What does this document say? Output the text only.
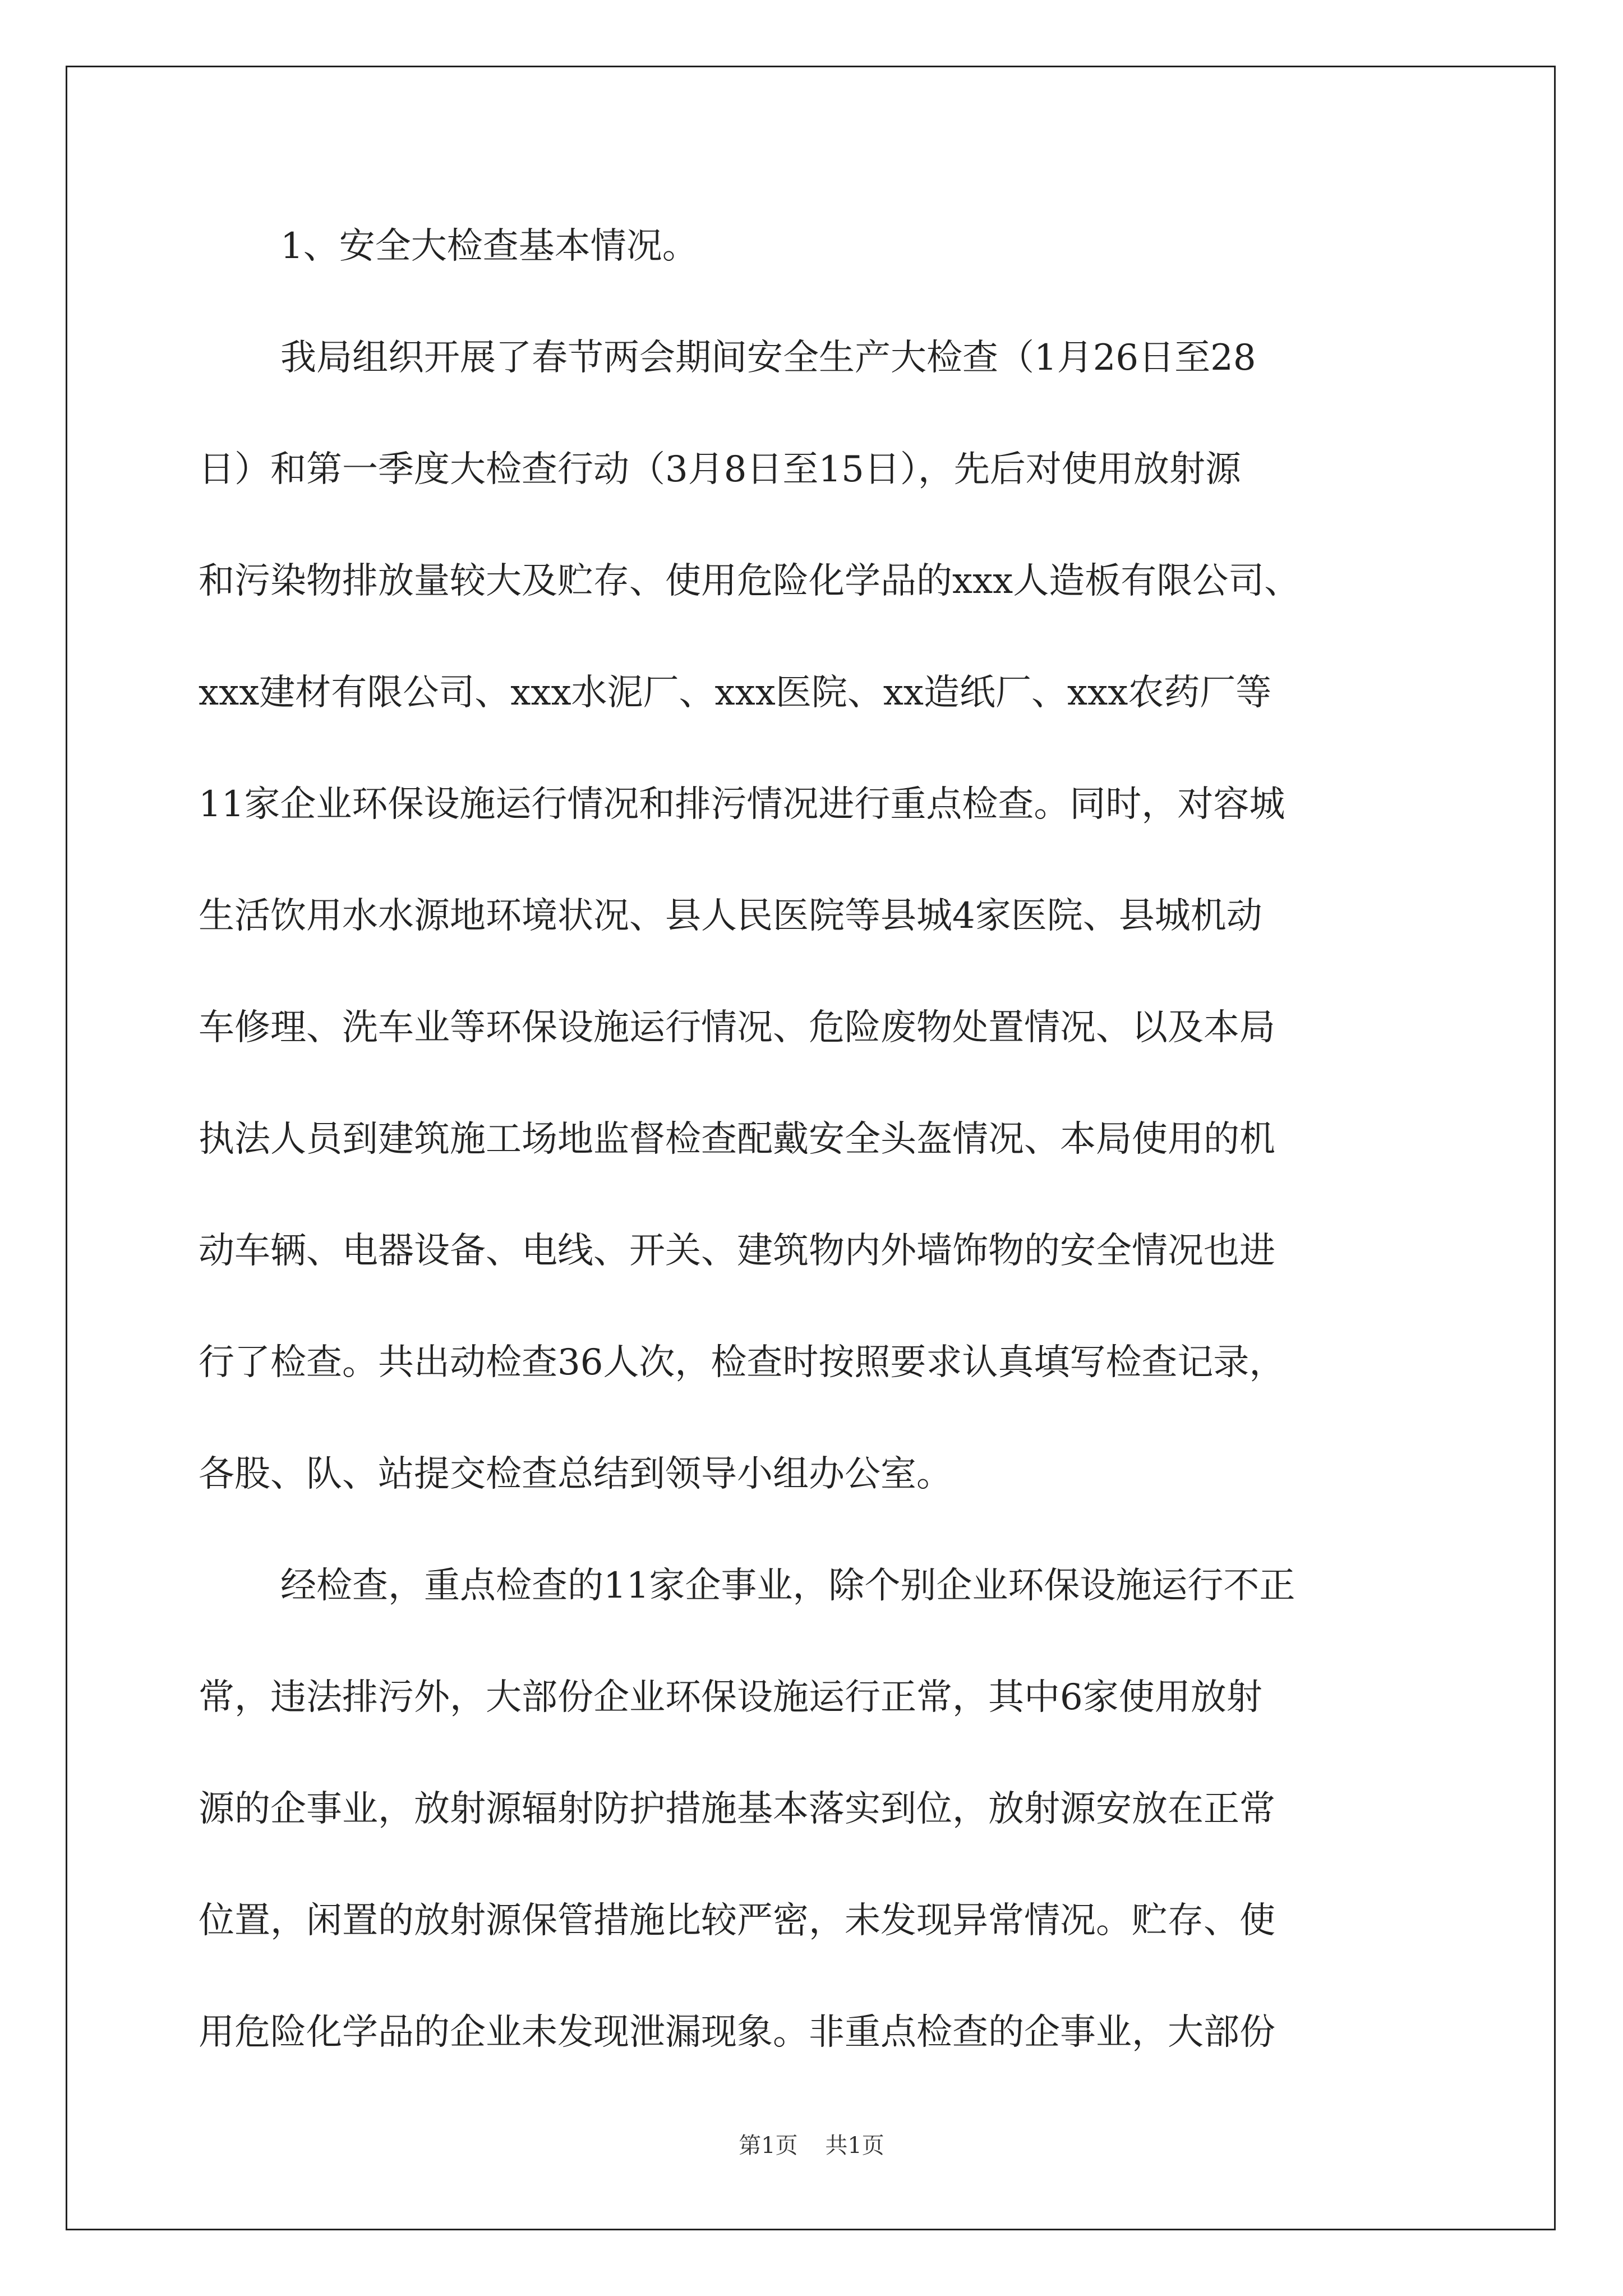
1、安全大检查基本情况。
我局组织开展了春节两会期间安全生产大检查（1月26日至28
日）和第一季度大检查行动（3月8日至15日），先后对使用放射源
和污染物排放量较大及贮存、使用危险化学品的xxx人造板有限公司、
xxx建材有限公司、xxx水泥厂、xxx医院、xx造纸厂、xxx农药厂等
11家企业环保设施运行情况和排污情况进行重点检查。同时，对容城
生活饮用水水源地环境状况、县人民医院等县城4家医院、县城机动
车修理、洗车业等环保设施运行情况、危险废物处置情况、以及本局
执法人员到建筑施工场地监督检查配戴安全头盔情况、本局使用的机
动车辆、电器设备、电线、开关、建筑物内外墙饰物的安全情况也进
行了检查。共出动检查36人次，检查时按照要求认真填写检查记录，
各股、队、站提交检查总结到领导小组办公室。
经检查，重点检查的11家企事业，除个别企业环保设施运行不正
常，违法排污外，大部份企业环保设施运行正常，其中6家使用放射
源的企事业，放射源辐射防护措施基本落实到位，放射源安放在正常
位置，闲置的放射源保管措施比较严密，未发现异常情况。贮存、使
用危险化学品的企业未发现泄漏现象。非重点检查的企事业，大部份
第1页 共1页
